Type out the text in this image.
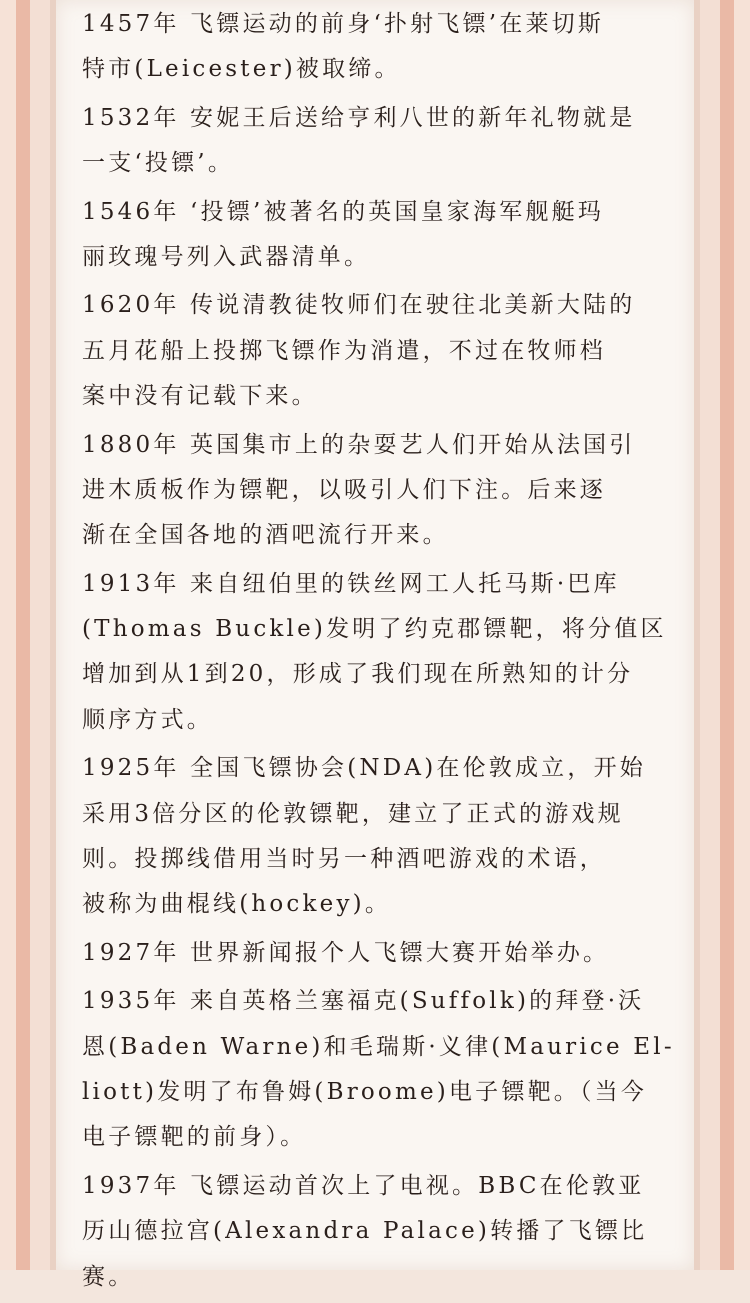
1457年 飞镖运动的前身‘扑射飞镖’在莱切斯
特市(Leicester)被取缔。
1532年 安妮王后送给亨利八世的新年礼物就是
一支‘投镖’。
1546年 ‘投镖’被著名的英国皇家海军舰艇玛
丽玫瑰号列入武器清单。
1620年 传说清教徒牧师们在驶往北美新大陆的
五月花船上投掷飞镖作为消遣，不过在牧师档
案中没有记载下来。
1880年 英国集市上的杂耍艺人们开始从法国引
进木质板作为镖靶，以吸引人们下注。后来逐
渐在全国各地的酒吧流行开来。
1913年 来自纽伯里的铁丝网工人托马斯·巴库
(Thomas Buckle)发明了约克郡镖靶，将分值区
增加到从1到20，形成了我们现在所熟知的计分
顺序方式。
1925年 全国飞镖协会(NDA)在伦敦成立，开始
采用3倍分区的伦敦镖靶，建立了正式的游戏规
则。投掷线借用当时另一种酒吧游戏的术语，
被称为曲棍线(hockey)。
1927年 世界新闻报个人飞镖大赛开始举办。
1935年 来自英格兰塞福克(Suffolk)的拜登·沃
恩(Baden Warne)和毛瑞斯·义律(Maurice El-
liott)发明了布鲁姆(Broome)电子镖靶。（当今
电子镖靶的前身）。
1937年 飞镖运动首次上了电视。BBC在伦敦亚
历山德拉宫(Alexandra Palace)转播了飞镖比
赛。
